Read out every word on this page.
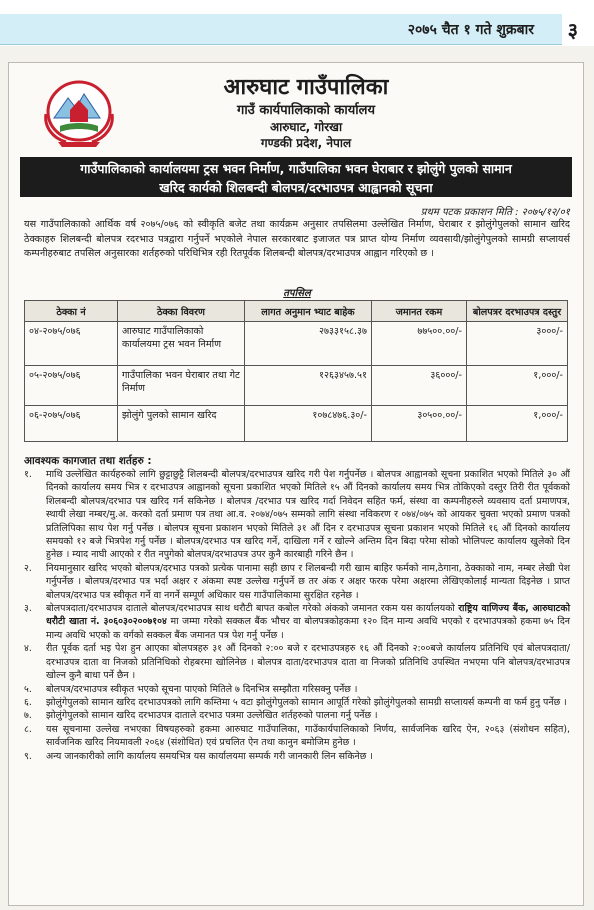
२०७५ चैत १ गते शुक्रबार ३
आरुघाट गाउँपालिका
गाउँ कार्यपालिकाको कार्यालय
आरुघाट, गोरखा
गण्डकी प्रदेश, नेपाल
गाउँपालिकाको कार्यालयमा ट्रस भवन निर्माण, गाउँपालिका भवन घेराबार र झोलुंगे पुलको सामान
खरिद कार्यको शिलबन्दी बोलपत्र/दरभाउपत्र आह्वानको सूचना
प्रथम पटक प्रकाशन मिति : २०७५/१२/०१
यस गाउँपालिकाको आर्थिक वर्ष २०७५/०७६ को स्वीकृति बजेट तथा कार्यक्रम अनुसार तपसिलमा उल्लेखित निर्माण, घेराबार र झोलुंगेपुलको सामान खरिद ठेक्काहरु शिलबन्दी बोलपत्र रदरभाउ पत्रद्वारा गर्नुपर्ने भएकोले नेपाल सरकारबाट इजाजत पत्र प्राप्त योग्य निर्माण व्यवसायी/झोलुंगेपुलको सामग्री सप्लायर्स कम्पनीहरुबाट तपसिल अनुसारका शर्तहरुको परिधिभित्र रही रितपूर्वक शिलबन्दी बोलपत्र/दरभाउपत्र आह्वान गरिएको छ ।
तपसिल
ठेक्का नं	ठेक्का विवरण	लागत अनुमान भ्याट बाहेक	जमानत रकम	बोलपत्रर दरभाउपत्र दस्तुर
०४-२०७५/०७६	आरुघाट गाउँपालिकाको कार्यालयमा ट्रस भवन निर्माण	२७३३१५८.३७	७७५००.००/-	३०००/-
०५-२०७५/०७६	गाउँपालिका भवन घेराबार तथा गेट निर्माण	१२६३४५७.५१	३६०००/-	१,०००/-
०६-२०७५/०७६	झोलुंगे पुलको सामान खरिद	१०७८४७६.३०/-	३०५००.००/-	१,०००/-
आवश्यक कागजात तथा शर्तहरु :
१.	माथि उल्लेखित कार्यहरुको लागि छुट्टाछुट्टै शिलबन्दी बोलपत्र/दरभाउपत्र खरिद गरी पेश गर्नुपर्नेछ । बोलपत्र आह्वानको सूचना प्रकाशित भएको मितिले ३० औं दिनको कार्यालय समय भित्र र दरभाउपत्र आह्वानको सूचना प्रकाशित भएको मितिले १५ औं दिनको कार्यालय समय भित्र तोकिएको दस्तुर तिरी रीत पूर्वकको शिलबन्दी बोलपत्र/दरभाउ पत्र खरिद गर्न सकिनेछ । बोलपत्र /दरभाउ पत्र खरिद गर्दा निवेदन सहित फर्म, संस्था वा कम्पनीहरुले व्यवसाय दर्ता प्रमाणपत्र, स्थायी लेखा नम्बर/मु.अ. करको दर्ता प्रमाण पत्र तथा आ.व. २०७४/०७५ सम्मको लागि संस्था नविकरण र ०७४/०७५ को आयकर चुक्ता भएको प्रमाण पत्रको प्रतिलिपिका साथ पेश गर्नु पर्नेछ । बोलपत्र सूचना प्रकाशन भएको मितिले ३१ औं दिन र दरभाउपत्र सूचना प्रकाशन भएको मितिले १६ औं दिनको कार्यालय समयको १२ बजे भित्रपेश गर्नु पर्नेछ । बोलपत्र/दरभाउ पत्र खरिद गर्ने, दाखिला गर्ने र खोल्ने अन्तिम दिन बिदा परेमा सोको भोलिपल्ट कार्यालय खुलेको दिन हुनेछ । म्याद नाघी आएको र रीत नपुगेको बोलपत्र/दरभाउपत्र उपर कुनै कारबाही गरिने छैन ।
२.	नियमानुसार खरिद भएको बोलपत्र/दरभाउ पत्रको प्रत्येक पानामा सही छाप र शिलबन्दी गरी खाम बाहिर फर्मको नाम,ठेगाना, ठेक्काको नाम, नम्बर लेखी पेश गर्नुपर्नेछ । बोलपत्र/दरभाउ पत्र भर्दा अक्षर र अंकमा स्पष्ट उल्लेख गर्नुपर्ने छ तर अंक र अक्षर फरक परेमा अक्षरमा लेखिएकोलाई मान्यता दिइनेछ । प्राप्त बोलपत्र/दरभाउ पत्र स्वीकृत गर्ने वा नगर्ने सम्पूर्ण अधिकार यस गाउँपालिकामा सुरक्षित रहनेछ ।
३.	बोलपत्रदाता/दरभाउपत्र दाताले बोलपत्र/दरभाउपत्र साथ धरौटी बापत कबोल गरेको अंकको जमानत रकम यस कार्यालयको राष्ट्रिय वाणिज्य बैंक, आरुघाटको धरौटी खाता नं. ३०६०३०२००७१०४ मा जम्मा गरेको सक्कल बैंक भौचर वा बोलपत्रकोहकमा १२० दिन मान्य अवधि भएको र दरभाउपत्रको हकमा ७५ दिन मान्य अवधि भएको क वर्गको सक्कल बैंक जमानत पत्र पेश गर्नु पर्नेछ ।
४.	रीत पूर्वक दर्ता भइ पेश हुन आएका बोलपत्रहरु ३१ औं दिनको २:०० बजे र दरभाउपत्रहरु १६ औं दिनको २:००बजे कार्यालय प्रतिनिधि एवं बोलपत्रदाता/दरभाउपत्र दाता वा निजको प्रतिनिधिको रोहबरमा खोलिनेछ । बोलपत्र दाता/दरभाउपत्र दाता वा निजको प्रतिनिधि उपस्थित नभएमा पनि बोलपत्र/दरभाउपत्र खोल्न कुनै बाधा पर्ने छैन ।
५.	बोलपत्र/दरभाउपत्र स्वीकृत भएको सूचना पाएको मितिले ७ दिनभित्र सम्झौता गरिसक्नु पर्नेछ ।
६.	झोलुंगेपुलको सामान खरिद दरभाउपत्रको लागि कम्तिमा ५ वटा झोलुंगेपुलको सामान आपूर्ति गरेको झोलुंगेपुलको सामग्री सप्लायर्स कम्पनी वा फर्म हुनु पर्नेछ ।
७.	झोलुंगेपुलको सामान खरिद दरभाउपत्र दाताले दरभाउ पत्रमा उल्लेखित शर्तहरुको पालना गर्नु पर्नेछ ।
८.	यस सूचनामा उल्लेख नभएका विषयहरुको हकमा आरुघाट गाउँपालिका, गाउँकार्यपालिकाको निर्णय, सार्वजनिक खरिद ऐन, २०६३ (संशोधन सहित), सार्वजनिक खरिद नियमावली २०६४ (संशोधित) एवं प्रचलित ऐन तथा कानुन बमोजिम हुनेछ ।
९.	अन्य जानकारीको लागि कार्यालय समयभित्र यस कार्यालयमा सम्पर्क गरी जानकारी लिन सकिनेछ ।
